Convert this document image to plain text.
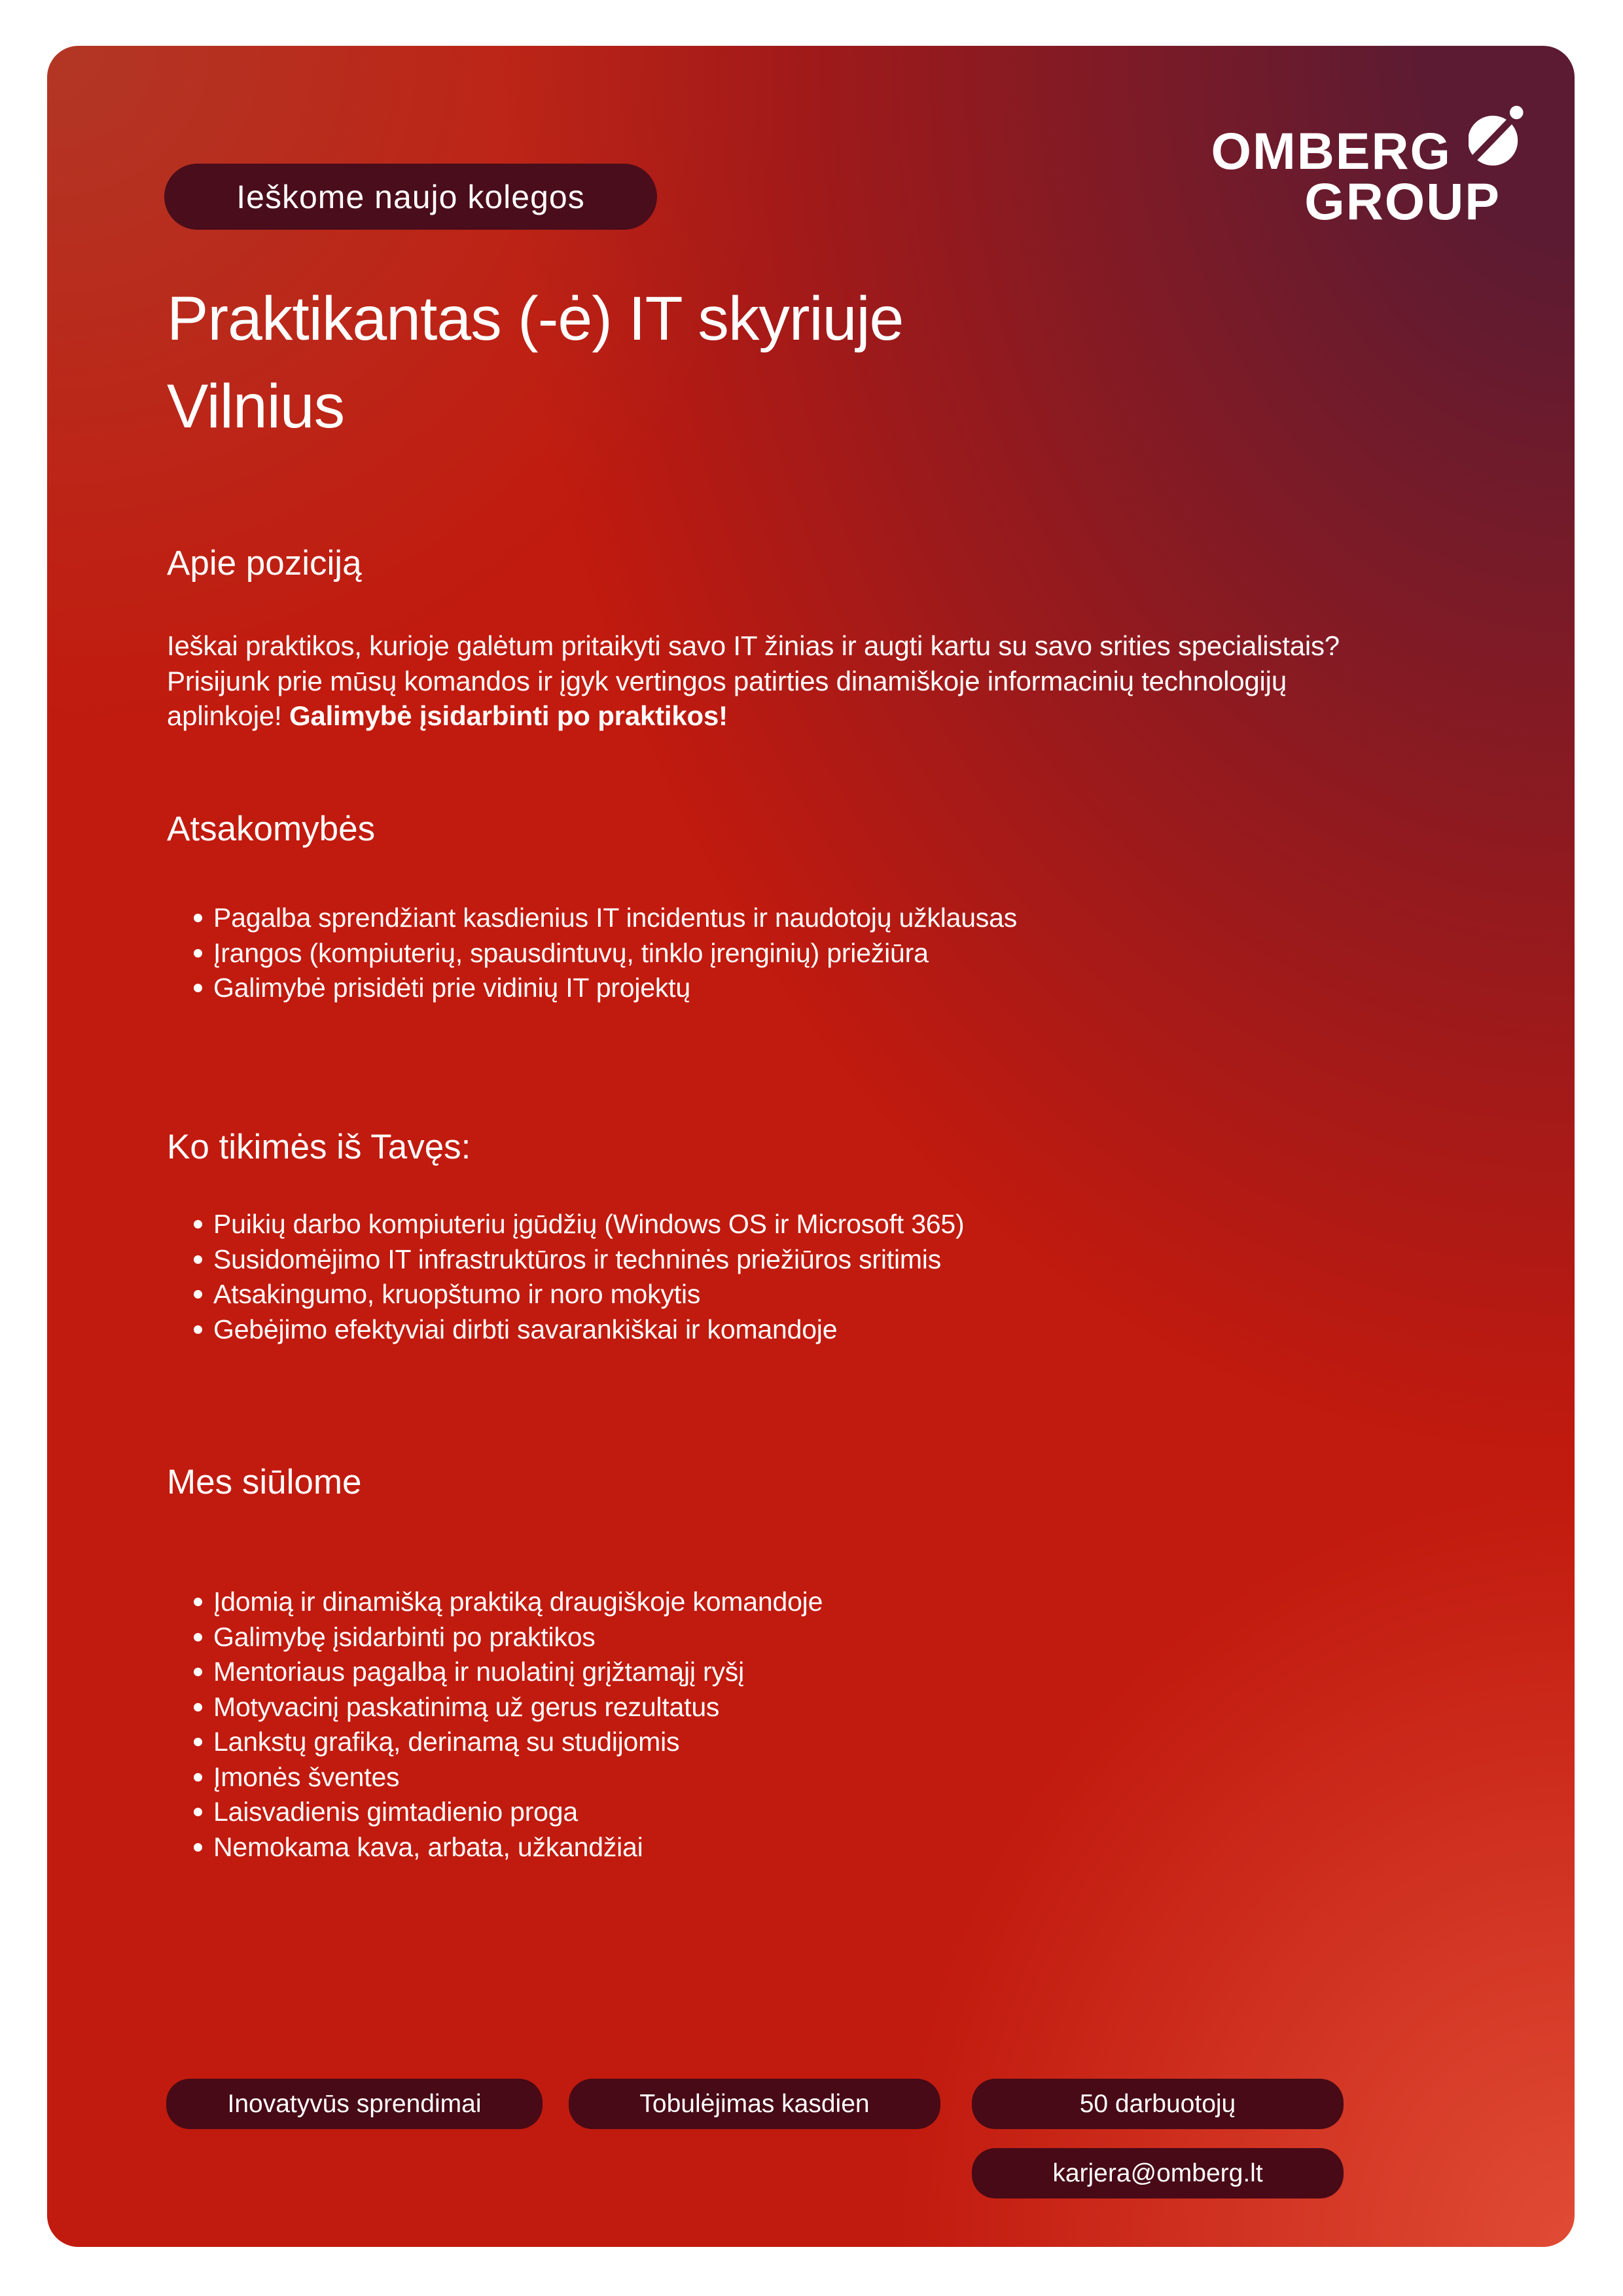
Ieškome naujo kolegos
OMBERG
GROUP
Praktikantas (-ė) IT skyriuje
Vilnius
Apie poziciją
Ieškai praktikos, kurioje galėtum pritaikyti savo IT žinias ir augti kartu su savo srities specialistais?
Prisijunk prie mūsų komandos ir įgyk vertingos patirties dinamiškoje informacinių technologijų
aplinkoje! Galimybė įsidarbinti po praktikos!
Atsakomybės
Pagalba sprendžiant kasdienius IT incidentus ir naudotojų užklausas
Įrangos (kompiuterių, spausdintuvų, tinklo įrenginių) priežiūra
Galimybė prisidėti prie vidinių IT projektų
Ko tikimės iš Tavęs:
Puikių darbo kompiuteriu įgūdžių (Windows OS ir Microsoft 365)
Susidomėjimo IT infrastruktūros ir techninės priežiūros sritimis
Atsakingumo, kruopštumo ir noro mokytis
Gebėjimo efektyviai dirbti savarankiškai ir komandoje
Mes siūlome
Įdomią ir dinamišką praktiką draugiškoje komandoje
Galimybę įsidarbinti po praktikos
Mentoriaus pagalbą ir nuolatinį grįžtamąjį ryšį
Motyvacinį paskatinimą už gerus rezultatus
Lankstų grafiką, derinamą su studijomis
Įmonės šventes
Laisvadienis gimtadienio proga
Nemokama kava, arbata, užkandžiai
Inovatyvūs sprendimai	Tobulėjimas kasdien	50 darbuotojų
karjera@omberg.lt
